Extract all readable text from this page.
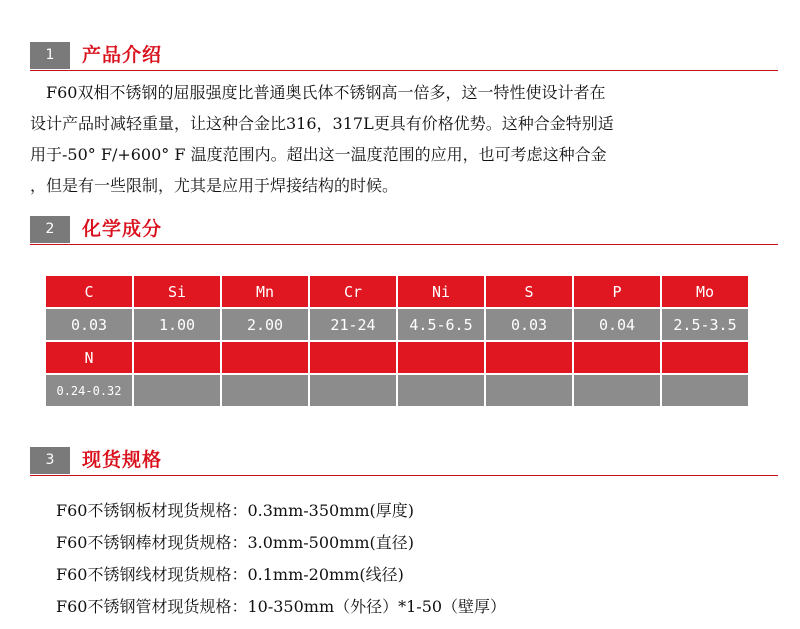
1	产品介绍

　F60双相不锈钢的屈服强度比普通奥氏体不锈钢高一倍多，这一特性使设计者在

设计产品时减轻重量，让这种合金比316，317L更具有价格优势。这种合金特别适

用于-50° F/+600° F 温度范围内。超出这一温度范围的应用，也可考虑这种合金

，但是有一些限制，尤其是应用于焊接结构的时候。

2	化学成分
C	Si	Mn	Cr	Ni	S	P	Mo
0.03	1.00	2.00	21-24	4.5-6.5	0.03	0.04	2.5-3.5
N							
0.24-0.32							
3	现货规格
F60不锈钢板材现货规格：0.3mm-350mm(厚度)
F60不锈钢棒材现货规格：3.0mm-500mm(直径)
F60不锈钢线材现货规格：0.1mm-20mm(线径)
F60不锈钢管材现货规格：10-350mm（外径）*1-50（壁厚）
